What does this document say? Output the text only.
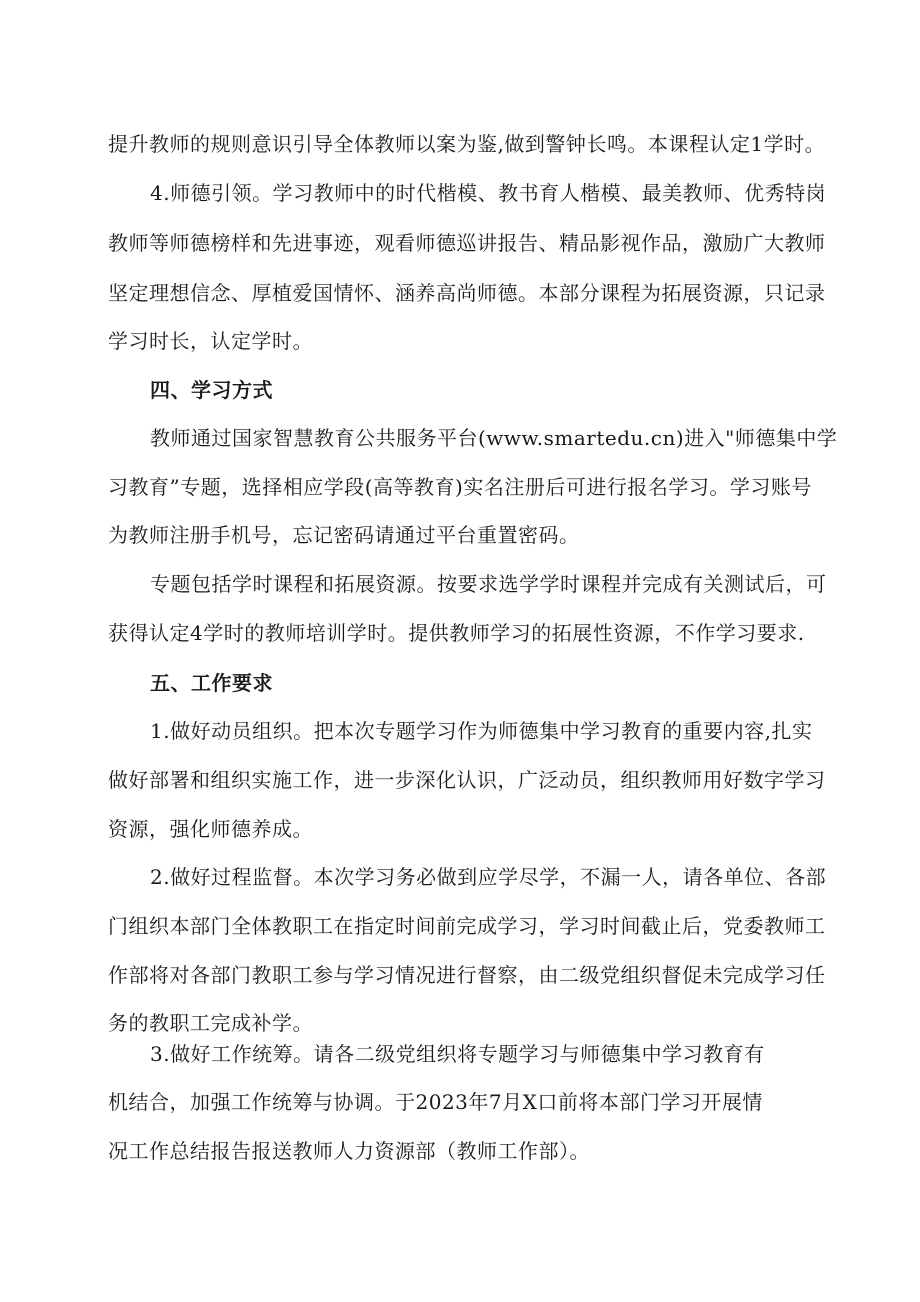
提升教师的规则意识引导全体教师以案为鉴,做到警钟长鸣。本课程认定1学时。
4.师德引领。学习教师中的时代楷模、教书育人楷模、最美教师、优秀特岗
教师等师德榜样和先进事迹，观看师德巡讲报告、精品影视作品，激励广大教师
坚定理想信念、厚植爱国情怀、涵养高尚师德。本部分课程为拓展资源，只记录
学习时长，认定学时。
四、学习方式
教师通过国家智慧教育公共服务平台(www.smartedu.cn)进入"师德集中学
习教育”专题，选择相应学段(高等教育)实名注册后可进行报名学习。学习账号
为教师注册手机号，忘记密码请通过平台重置密码。
专题包括学时课程和拓展资源。按要求选学学时课程并完成有关测试后，可
获得认定4学时的教师培训学时。提供教师学习的拓展性资源，不作学习要求.
五、工作要求
1.做好动员组织。把本次专题学习作为师德集中学习教育的重要内容,扎实
做好部署和组织实施工作，进一步深化认识，广泛动员，组织教师用好数字学习
资源，强化师德养成。
2.做好过程监督。本次学习务必做到应学尽学，不漏一人，请各单位、各部
门组织本部门全体教职工在指定时间前完成学习，学习时间截止后，党委教师工
作部将对各部门教职工参与学习情况进行督察，由二级党组织督促未完成学习任
务的教职工完成补学。
3.做好工作统筹。请各二级党组织将专题学习与师德集中学习教育有
机结合，加强工作统筹与协调。于2023年7月X口前将本部门学习开展情
况工作总结报告报送教师人力资源部（教师工作部）。
